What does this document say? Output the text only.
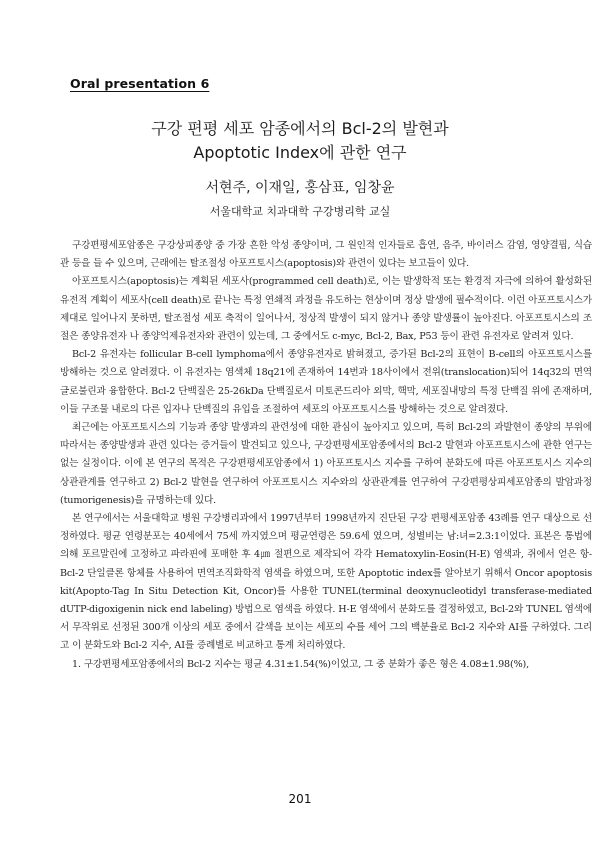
Oral presentation 6
구강 편평 세포 암종에서의 Bcl-2의 발현과
Apoptotic Index에 관한 연구
서현주, 이재일, 홍삼표, 임창윤
서울대학교 치과대학 구강병리학 교실

구강편평세포암종은 구강상피종양 중 가장 흔한 악성 종양이며, 그 원인적 인자들로 흡연, 음주, 바이러스 감염, 영양결핍, 식습관 등을 들 수 있으며, 근래에는 탈조절성 아포프토시스(apoptosis)와 관련이 있다는 보고들이 있다.

아포프토시스(apoptosis)는 계획된 세포사(programmed cell death)로, 이는 발생학적 또는 환경적 자극에 의하여 활성화된 유전적 계획이 세포사(cell death)로 끝나는 특정 연쇄적 과정을 유도하는 현상이며 정상 발생에 필수적이다. 이런 아포프토시스가 제대로 일어나지 못하면, 탈조절성 세포 축적이 일어나서, 정상적 발생이 되지 않거나 종양 발생률이 높아진다. 아포프토시스의 조절은 종양유전자 나 종양억제유전자와 관련이 있는데, 그 중에서도 c-myc, Bcl-2, Bax, P53 등이 관련 유전자로 알려져 있다.

Bcl-2 유전자는 follicular B-cell lymphoma에서 종양유전자로 밝혀졌고, 증가된 Bcl-2의 표현이 B-cell의 아포프토시스를 방해하는 것으로 알려졌다. 이 유전자는 염색체 18q21에 존재하여 14번과 18사이에서 전위(translocation)되어 14q32의 면역글로불린과 융합한다. Bcl-2 단백질은 25-26kDa 단백질로서 미토콘드리아 외막, 핵막, 세포질내망의 특정 단백질 위에 존재하며, 이들 구조물 내로의 다른 입자나 단백질의 유입을 조절하여 세포의 아포프토시스를 방해하는 것으로 알려졌다.

최근에는 아포프토시스의 기능과 종양 발생과의 관련성에 대한 관심이 높아지고 있으며, 특히 Bcl-2의 과발현이 종양의 부위에 따라서는 종양발생과 관련 있다는 증거들이 발견되고 있으나, 구강편평세포암종에서의 Bcl-2 발현과 아포프토시스에 관한 연구는 없는 실정이다. 이에 본 연구의 목적은 구강편평세포암종에서 1) 아포프토시스 지수를 구하여 분화도에 따른 아포프토시스 지수의 상관관계를 연구하고 2) Bcl-2 발현을 연구하여 아포프토시스 지수와의 상관관계를 연구하여 구강편평상피세포암종의 발암과정(tumorigenesis)을 규명하는데 있다.

본 연구에서는 서울대학교 병원 구강병리과에서 1997년부터 1998년까지 진단된 구강 편평세포암종 43례를 연구 대상으로 선정하였다. 평균 연령분포는 40세에서 75세 까지였으며 평균연령은 59.6세 였으며, 성별비는 남:녀=2.3:1이었다. 표본은 통법에 의해 포르말린에 고정하고 파라핀에 포매한 후 4㎛ 절편으로 제작되어 각각 Hematoxylin-Eosin(H-E) 염색과, 쥐에서 얻은 항-Bcl-2 단일클론 항체를 사용하여 면역조직화학적 염색을 하였으며, 또한 Apoptotic index를 알아보기 위해서 Oncor apoptosis kit(Apopto-Tag In Situ Detection Kit, Oncor)를 사용한 TUNEL(terminal deoxynucleotidyl transferase-mediated dUTP-digoxigenin nick end labeling) 방법으로 염색을 하였다. H-E 염색에서 분화도를 결정하였고, Bcl-2와 TUNEL 염색에서 무작위로 선정된 300개 이상의 세포 중에서 갈색을 보이는 세포의 수를 세어 그의 백분율로 Bcl-2 지수와 AI를 구하였다. 그리고 이 분화도와 Bcl-2 지수, AI를 증례별로 비교하고 통계 처리하였다.

1. 구강편평세포암종에서의 Bcl-2 지수는 평균 4.31±1.54(%)이었고, 그 중 분화가 좋은 형은 4.08±1.98(%),

201
